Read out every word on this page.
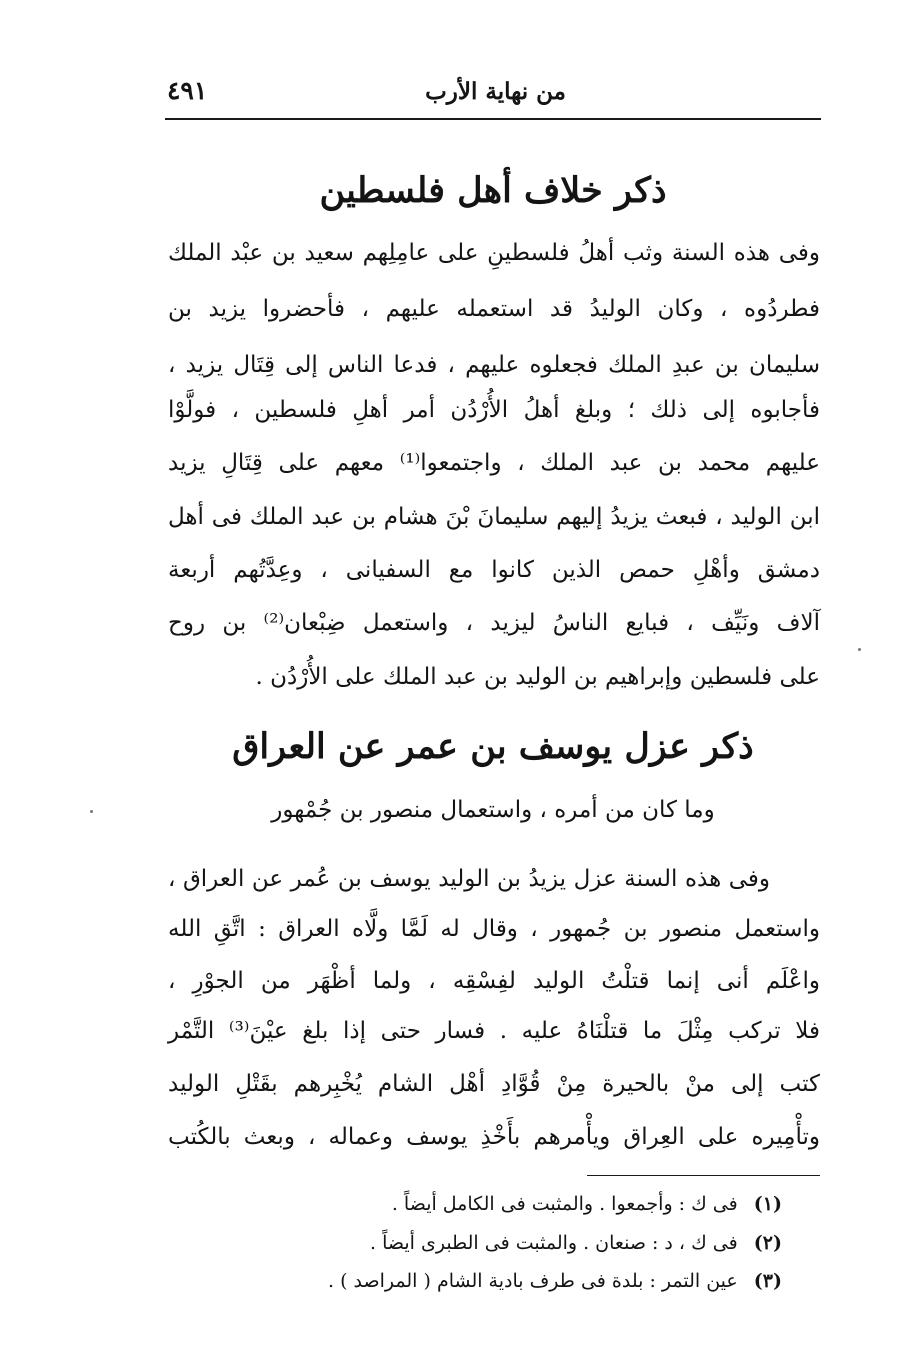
من نهاية الأرب
٤٩١
ذكر خلاف أهل فلسطين
وفى هذه السنة وثب أهلُ فلسطينِ على عامِلِهم سعيد بن عبْد الملك
فطردُوه ، وكان الوليدُ قد استعمله عليهم ، فأحضروا يزيد بن
سليمان بن عبدِ الملك فجعلوه عليهم ، فدعا الناس إلى قِتَال يزيد ،
فأجابوه إلى ذلك ؛ وبلغ أهلُ الأُرْدُن أمر أهلِ فلسطين ، فولَّوْا
عليهم محمد بن عبد الملك ، واجتمعوا⁽¹⁾ معهم على قِتَالِ يزيد
ابن الوليد ، فبعث يزيدُ إليهم سليمانَ بْنَ هشام بن عبد الملك فى أهل
دمشق وأهْلِ حمص الذين كانوا مع السفيانى ، وعِدَّتُهم أربعة
آلاف ونَيِّف ، فبايع الناسُ ليزيد ، واستعمل ضِبْعان⁽²⁾ بن روح
على فلسطين وإبراهيم بن الوليد بن عبد الملك على الأُرْدُن .
ذكر عزل يوسف بن عمر عن العراق
وما كان من أمره ، واستعمال منصور بن جُمْهور
وفى هذه السنة عزل يزيدُ بن الوليد يوسف بن عُمر عن العراق ،
واستعمل منصور بن جُمهور ، وقال له لَمَّا ولَّاه العراق : اتَّقِ الله
واعْلَم أنى إنما قتلْتُ الوليد لفِسْقِه ، ولما أظْهَر من الجوْرِ ،
فلا تركب مِثْلَ ما قتلْنَاهُ عليه . فسار حتى إذا بلغ عيْنَ⁽³⁾ التَّمْر
كتب إلى منْ بالحيرة مِنْ قُوَّادِ أهْل الشام يُخْبِرهم بقَتْلِ الوليد
وتأْمِيره على العِراق ويأْمرهم بأَخْذِ يوسف وعماله ، وبعث بالكُتب
(١) فى ك : وأجمعوا . والمثبت فى الكامل أيضاً .
(٢) فى ك ، د : صنعان . والمثبت فى الطبرى أيضاً .
(٣) عين التمر : بلدة فى طرف بادية الشام ( المراصد ) .
